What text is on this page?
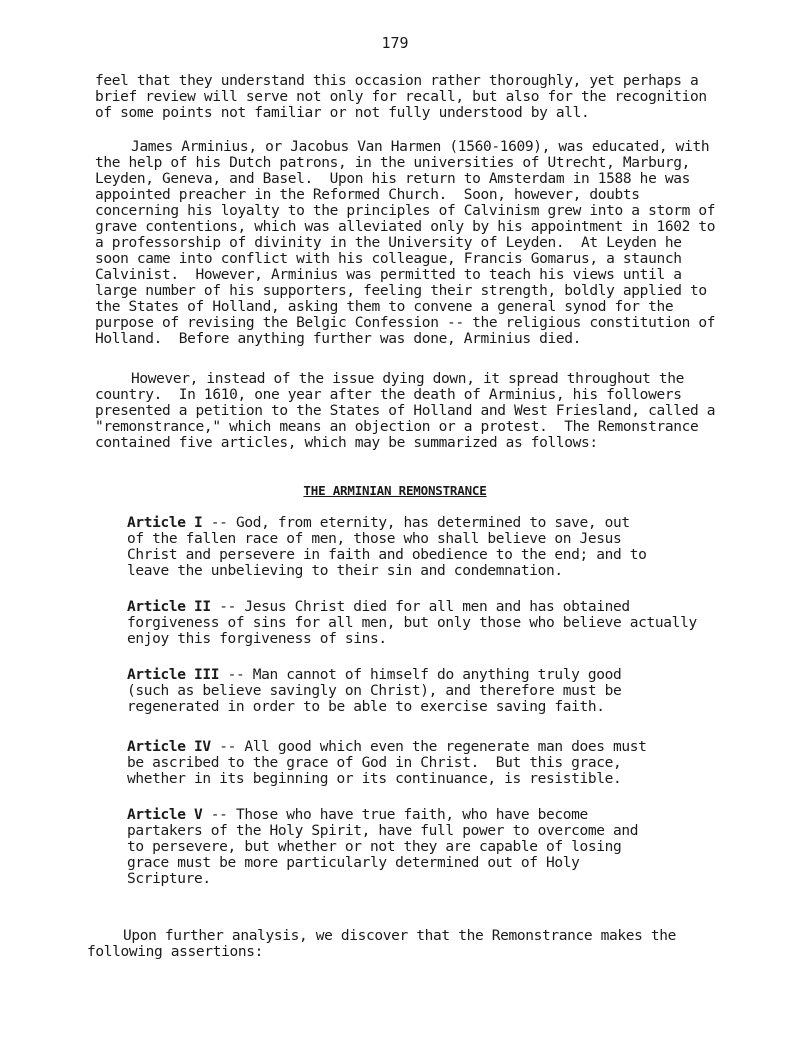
179
feel that they understand this occasion rather thoroughly, yet perhaps a
brief review will serve not only for recall, but also for the recognition
of some points not familiar or not fully understood by all.
James Arminius, or Jacobus Van Harmen (1560-1609), was educated, with
the help of his Dutch patrons, in the universities of Utrecht, Marburg,
Leyden, Geneva, and Basel.  Upon his return to Amsterdam in 1588 he was
appointed preacher in the Reformed Church.  Soon, however, doubts
concerning his loyalty to the principles of Calvinism grew into a storm of
grave contentions, which was alleviated only by his appointment in 1602 to
a professorship of divinity in the University of Leyden.  At Leyden he
soon came into conflict with his colleague, Francis Gomarus, a staunch
Calvinist.  However, Arminius was permitted to teach his views until a
large number of his supporters, feeling their strength, boldly applied to
the States of Holland, asking them to convene a general synod for the
purpose of revising the Belgic Confession -- the religious constitution of
Holland.  Before anything further was done, Arminius died.
However, instead of the issue dying down, it spread throughout the
country.  In 1610, one year after the death of Arminius, his followers
presented a petition to the States of Holland and West Friesland, called a
"remonstrance," which means an objection or a protest.  The Remonstrance
contained five articles, which may be summarized as follows:
THE ARMINIAN REMONSTRANCE
Article I -- God, from eternity, has determined to save, out
of the fallen race of men, those who shall believe on Jesus
Christ and persevere in faith and obedience to the end; and to
leave the unbelieving to their sin and condemnation.
Article II -- Jesus Christ died for all men and has obtained
forgiveness of sins for all men, but only those who believe actually
enjoy this forgiveness of sins.
Article III -- Man cannot of himself do anything truly good
(such as believe savingly on Christ), and therefore must be
regenerated in order to be able to exercise saving faith.
Article IV -- All good which even the regenerate man does must
be ascribed to the grace of God in Christ.  But this grace,
whether in its beginning or its continuance, is resistible.
Article V -- Those who have true faith, who have become
partakers of the Holy Spirit, have full power to overcome and
to persevere, but whether or not they are capable of losing
grace must be more particularly determined out of Holy
Scripture.
Upon further analysis, we discover that the Remonstrance makes the
following assertions:
